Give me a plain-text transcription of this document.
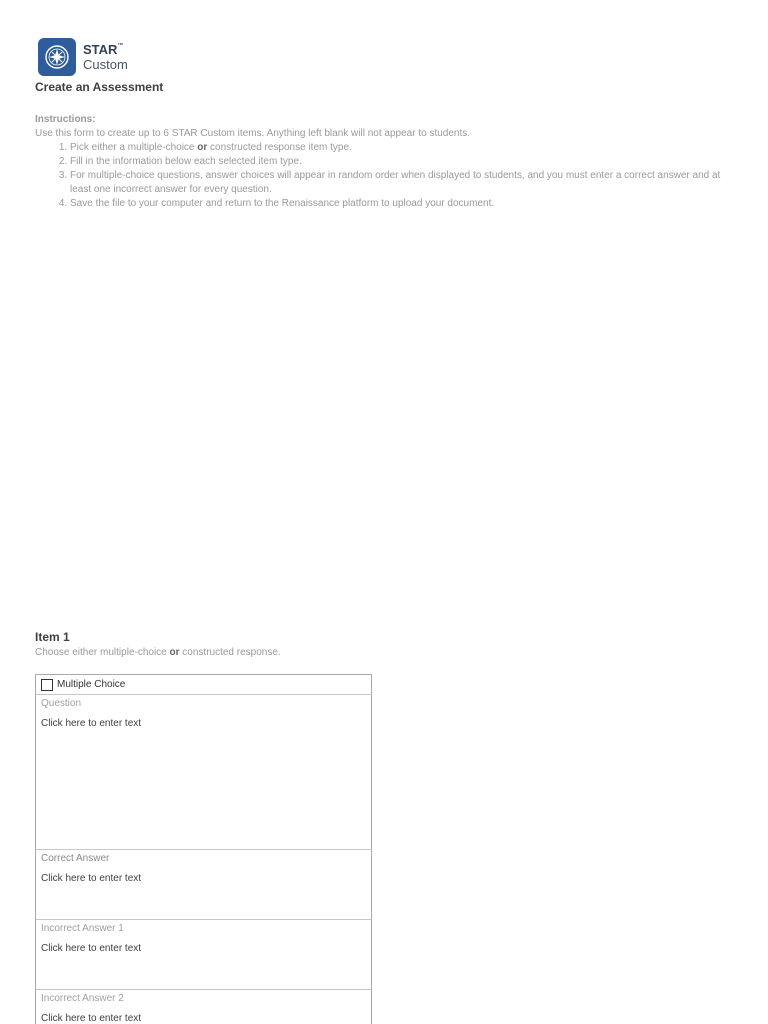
STAR™
Custom
Create an Assessment
Instructions:
Use this form to create up to 6 STAR Custom items. Anything left blank will not appear to students.
1. Pick either a multiple-choice or constructed response item type.
2. Fill in the information below each selected item type.
3. For multiple-choice questions, answer choices will appear in random order when displayed to students, and you must enter a correct answer and at least one incorrect answer for every question.
4. Save the file to your computer and return to the Renaissance platform to upload your document.
Item 1
Choose either multiple-choice or constructed response.
Multiple Choice
Question
Click here to enter text
Correct Answer
Click here to enter text
Incorrect Answer 1
Click here to enter text
Incorrect Answer 2
Click here to enter text
